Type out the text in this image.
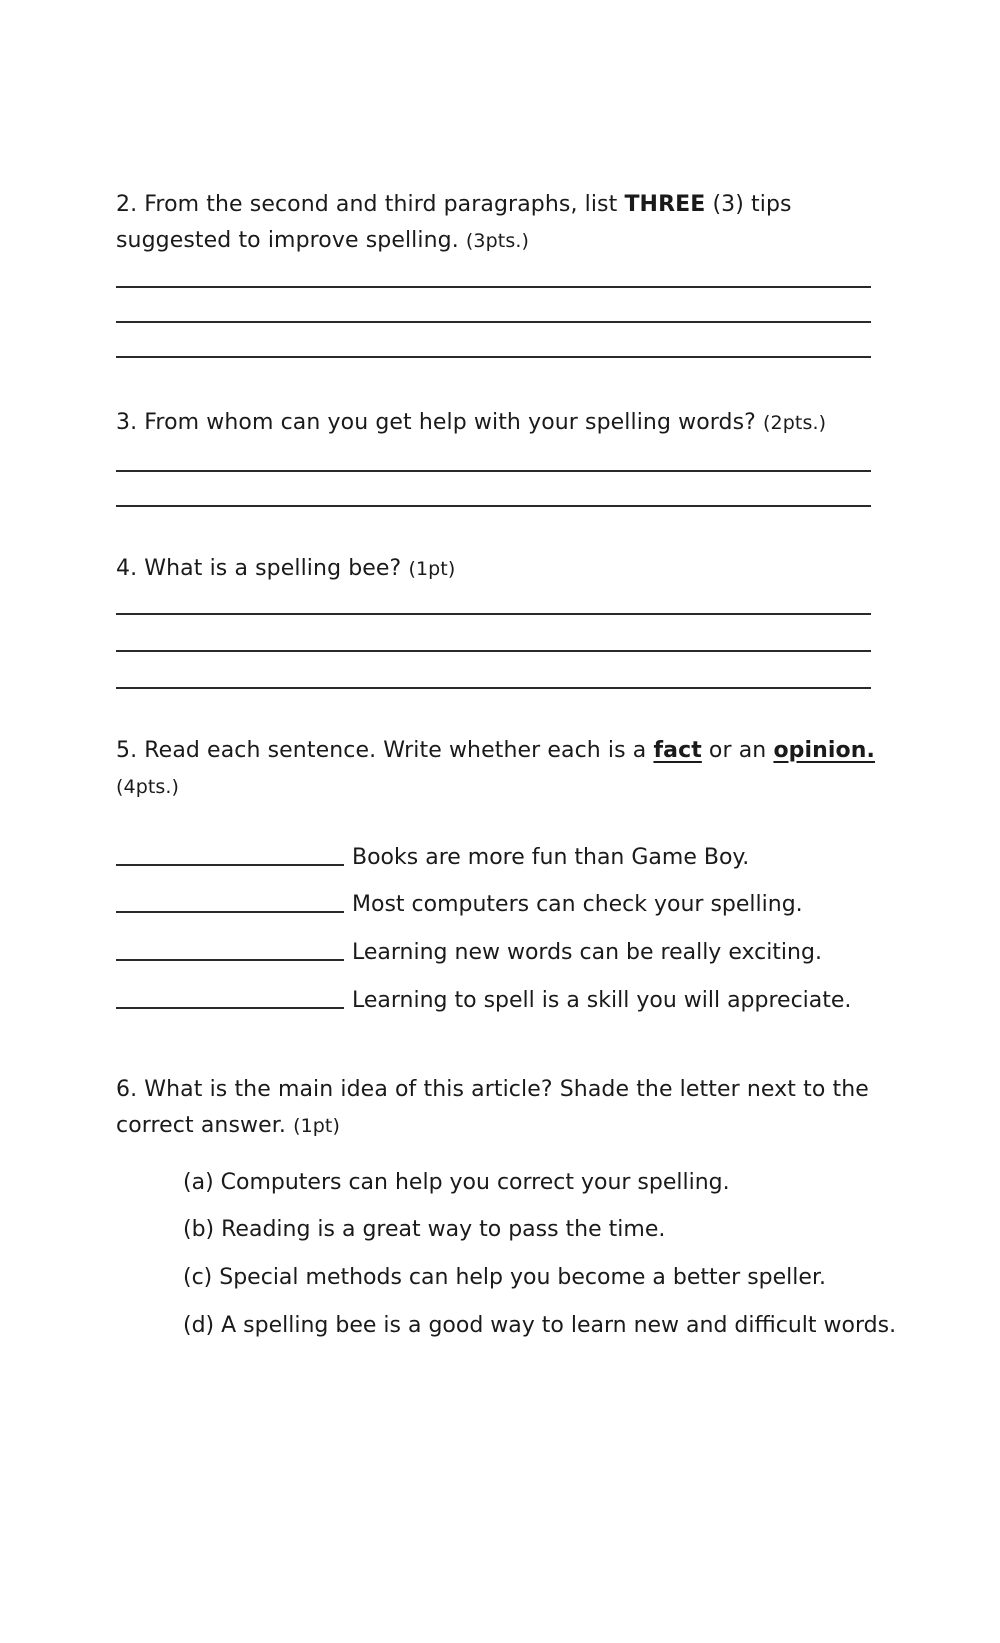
2. From the second and third paragraphs, list THREE (3) tips
suggested to improve spelling. (3pts.)
3. From whom can you get help with your spelling words? (2pts.)
4. What is a spelling bee? (1pt)
5. Read each sentence. Write whether each is a fact or an opinion.
(4pts.)
Books are more fun than Game Boy.
Most computers can check your spelling.
Learning new words can be really exciting.
Learning to spell is a skill you will appreciate.
6. What is the main idea of this article? Shade the letter next to the
correct answer. (1pt)
(a) Computers can help you correct your spelling.
(b) Reading is a great way to pass the time.
(c) Special methods can help you become a better speller.
(d) A spelling bee is a good way to learn new and difficult words.
